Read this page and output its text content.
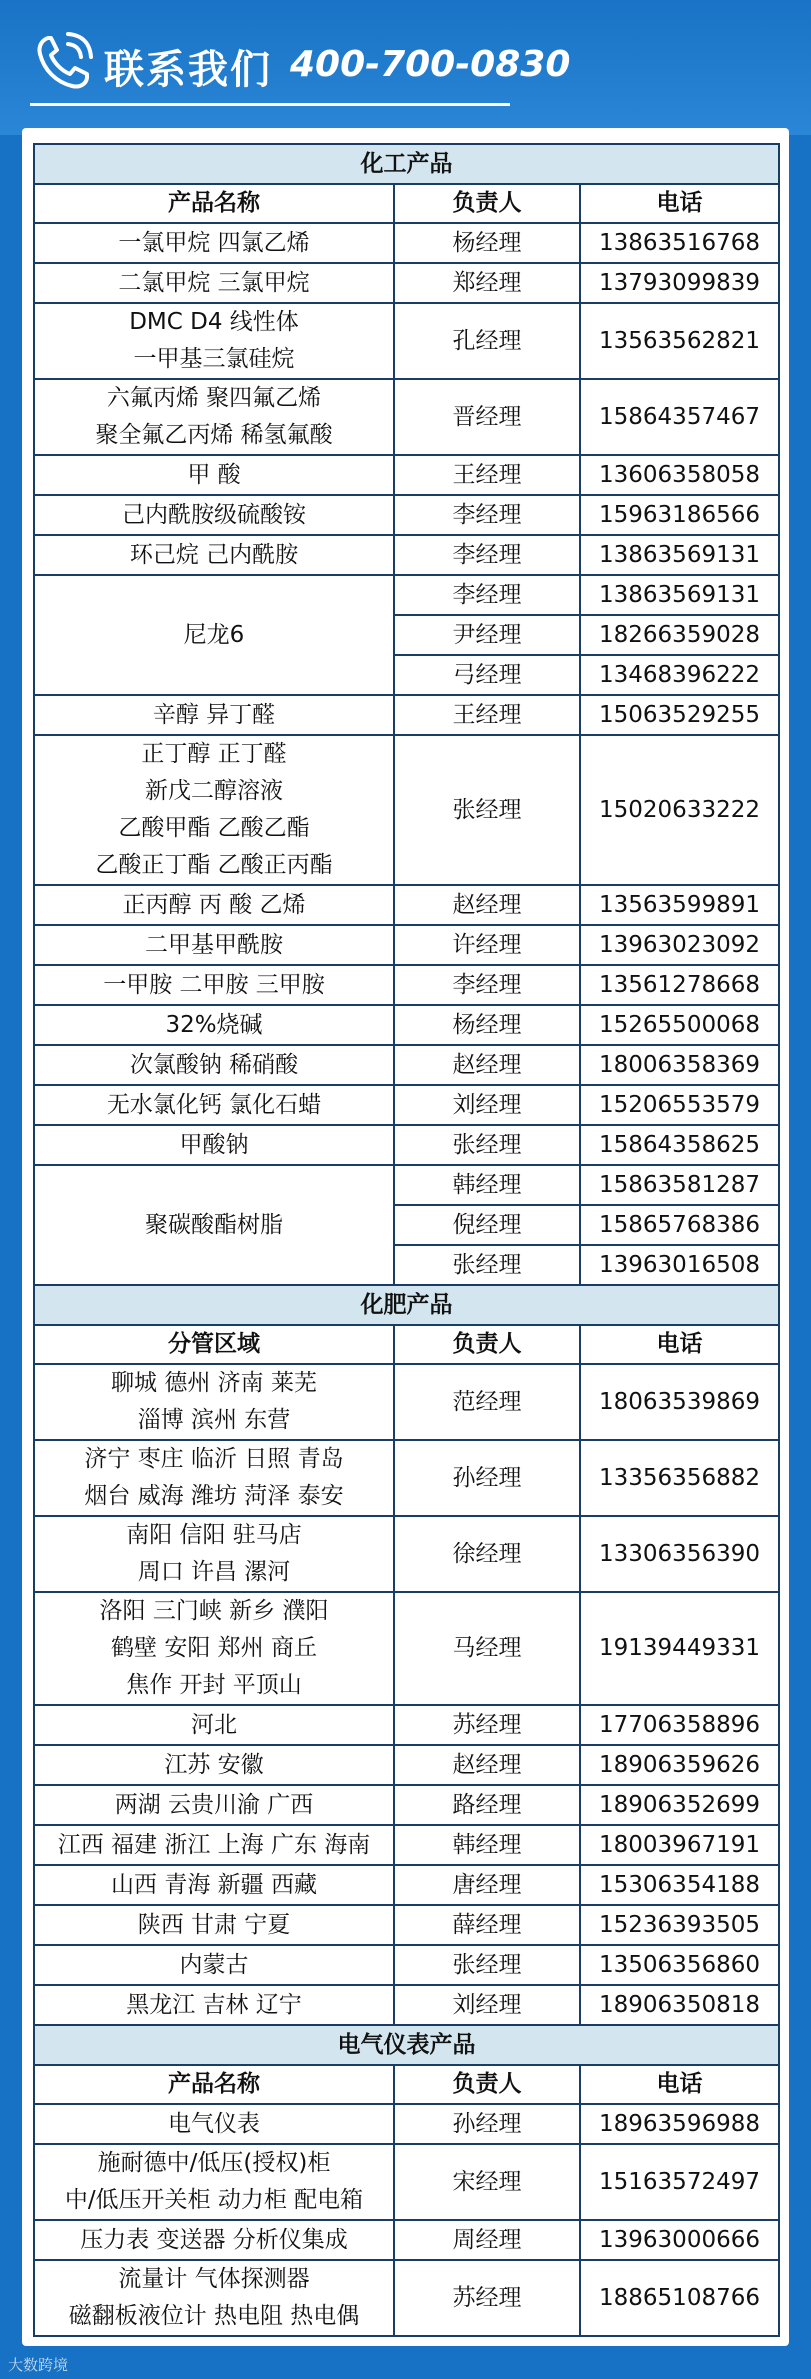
联系我们 400-700-0830
化工产品		
产品名称	负责人	电话

一氯甲烷 四氯乙烯	杨经理	13863516768

二氯甲烷 三氯甲烷	郑经理	13793099839

DMC D4 线性体
一甲基三氯硅烷	孔经理	13563562821

六氟丙烯 聚四氟乙烯
聚全氟乙丙烯 稀氢氟酸	晋经理	15864357467

甲 酸	王经理	13606358058

己内酰胺级硫酸铵	李经理	15963186566

环己烷 己内酰胺	李经理	13863569131

尼龙6	李经理	13863569131
	尹经理	18266359028
	弓经理	13468396222

辛醇 异丁醛	王经理	15063529255

正丁醇 正丁醛
新戊二醇溶液
乙酸甲酯 乙酸乙酯
乙酸正丁酯 乙酸正丙酯	张经理	15020633222

正丙醇 丙 酸 乙烯	赵经理	13563599891

二甲基甲酰胺	许经理	13963023092

一甲胺 二甲胺 三甲胺	李经理	13561278668

32%烧碱	杨经理	15265500068

次氯酸钠 稀硝酸	赵经理	18006358369

无水氯化钙 氯化石蜡	刘经理	15206553579

甲酸钠	张经理	15864358625

聚碳酸酯树脂	韩经理	15863581287
	倪经理	15865768386
	张经理	13963016508
化肥产品		
分管区域	负责人	电话

聊城 德州 济南 莱芜
淄博 滨州 东营	范经理	18063539869

济宁 枣庄 临沂 日照 青岛
烟台 威海 潍坊 菏泽 泰安	孙经理	13356356882

南阳 信阳 驻马店
周口 许昌 漯河	徐经理	13306356390

洛阳 三门峡 新乡 濮阳
鹤壁 安阳 郑州 商丘
焦作 开封 平顶山	马经理	19139449331

河北	苏经理	17706358896

江苏 安徽	赵经理	18906359626

两湖 云贵川渝 广西	路经理	18906352699

江西 福建 浙江 上海 广东 海南	韩经理	18003967191

山西 青海 新疆 西藏	唐经理	15306354188

陕西 甘肃 宁夏	薛经理	15236393505

内蒙古	张经理	13506356860

黑龙江 吉林 辽宁	刘经理	18906350818
电气仪表产品		
产品名称	负责人	电话

电气仪表	孙经理	18963596988

施耐德中/低压(授权)柜
中/低压开关柜 动力柜 配电箱	宋经理	15163572497

压力表 变送器 分析仪集成	周经理	13963000666

流量计 气体探测器
磁翻板液位计 热电阻 热电偶	苏经理	18865108766
大数跨境
